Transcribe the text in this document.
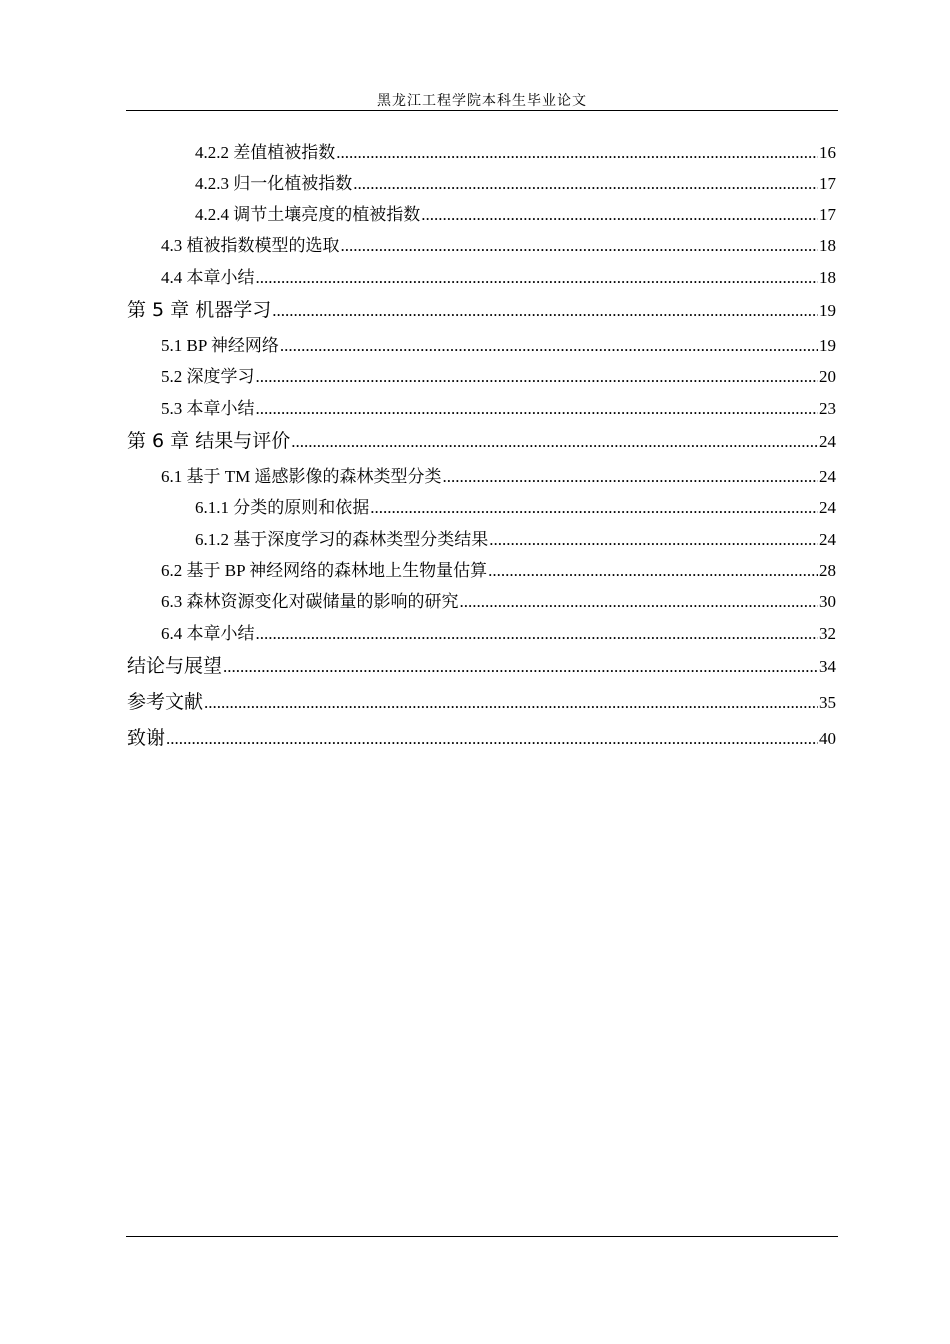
黑龙江工程学院本科生毕业论文
4.2.2 差值植被指数 .....	16
4.2.3 归一化植被指数 .....	17
4.2.4 调节土壤亮度的植被指数 .....	17
4.3 植被指数模型的选取 .....	18
4.4 本章小结 .....	18
第 5 章 机器学习 .....	19
5.1 BP 神经网络 .....	19
5.2 深度学习 .....	20
5.3 本章小结 .....	23
第 6 章 结果与评价 .....	24
6.1 基于 TM 遥感影像的森林类型分类 .....	24
6.1.1 分类的原则和依据 .....	24
6.1.2 基于深度学习的森林类型分类结果 .....	24
6.2 基于 BP 神经网络的森林地上生物量估算 .....	28
6.3 森林资源变化对碳储量的影响的研究 .....	30
6.4 本章小结 .....	32
结论与展望 .....	34
参考文献 .....	35
致谢 .....	40
